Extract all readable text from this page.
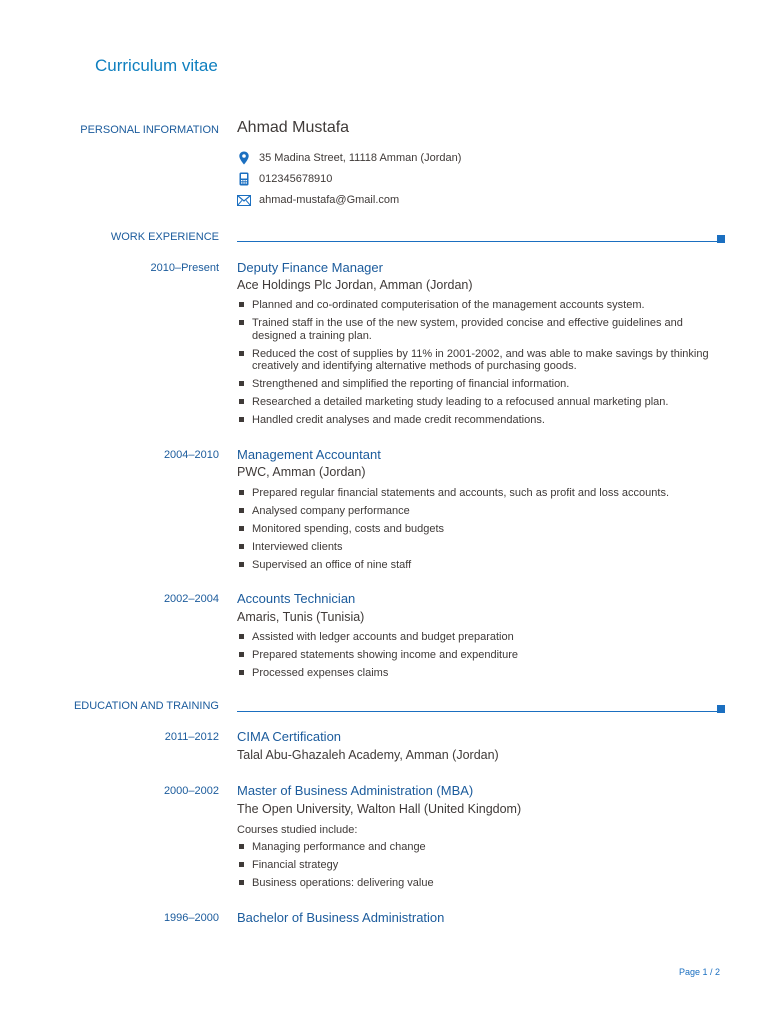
Curriculum vitae
PERSONAL INFORMATION Ahmad Mustafa
35 Madina Street, 11118 Amman (Jordan)
012345678910
ahmad-mustafa@Gmail.com
WORK EXPERIENCE
2010–Present Deputy Finance Manager
Ace Holdings Plc Jordan, Amman (Jordan)
Planned and co-ordinated computerisation of the management accounts system.
Trained staff in the use of the new system, provided concise and effective guidelines and designed a training plan.
Reduced the cost of supplies by 11% in 2001-2002, and was able to make savings by thinking creatively and identifying alternative methods of purchasing goods.
Strengthened and simplified the reporting of financial information.
Researched a detailed marketing study leading to a refocused annual marketing plan.
Handled credit analyses and made credit recommendations.
2004–2010 Management Accountant
PWC, Amman (Jordan)
Prepared regular financial statements and accounts, such as profit and loss accounts.
Analysed company performance
Monitored spending, costs and budgets
Interviewed clients
Supervised an office of nine staff
2002–2004 Accounts Technician
Amaris, Tunis (Tunisia)
Assisted with ledger accounts and budget preparation
Prepared statements showing income and expenditure
Processed expenses claims
EDUCATION AND TRAINING
2011–2012 CIMA Certification
Talal Abu-Ghazaleh Academy, Amman (Jordan)
2000–2002 Master of Business Administration (MBA)
The Open University, Walton Hall (United Kingdom)
Courses studied include:
Managing performance and change
Financial strategy
Business operations: delivering value
1996–2000 Bachelor of Business Administration
Page 1 / 2
